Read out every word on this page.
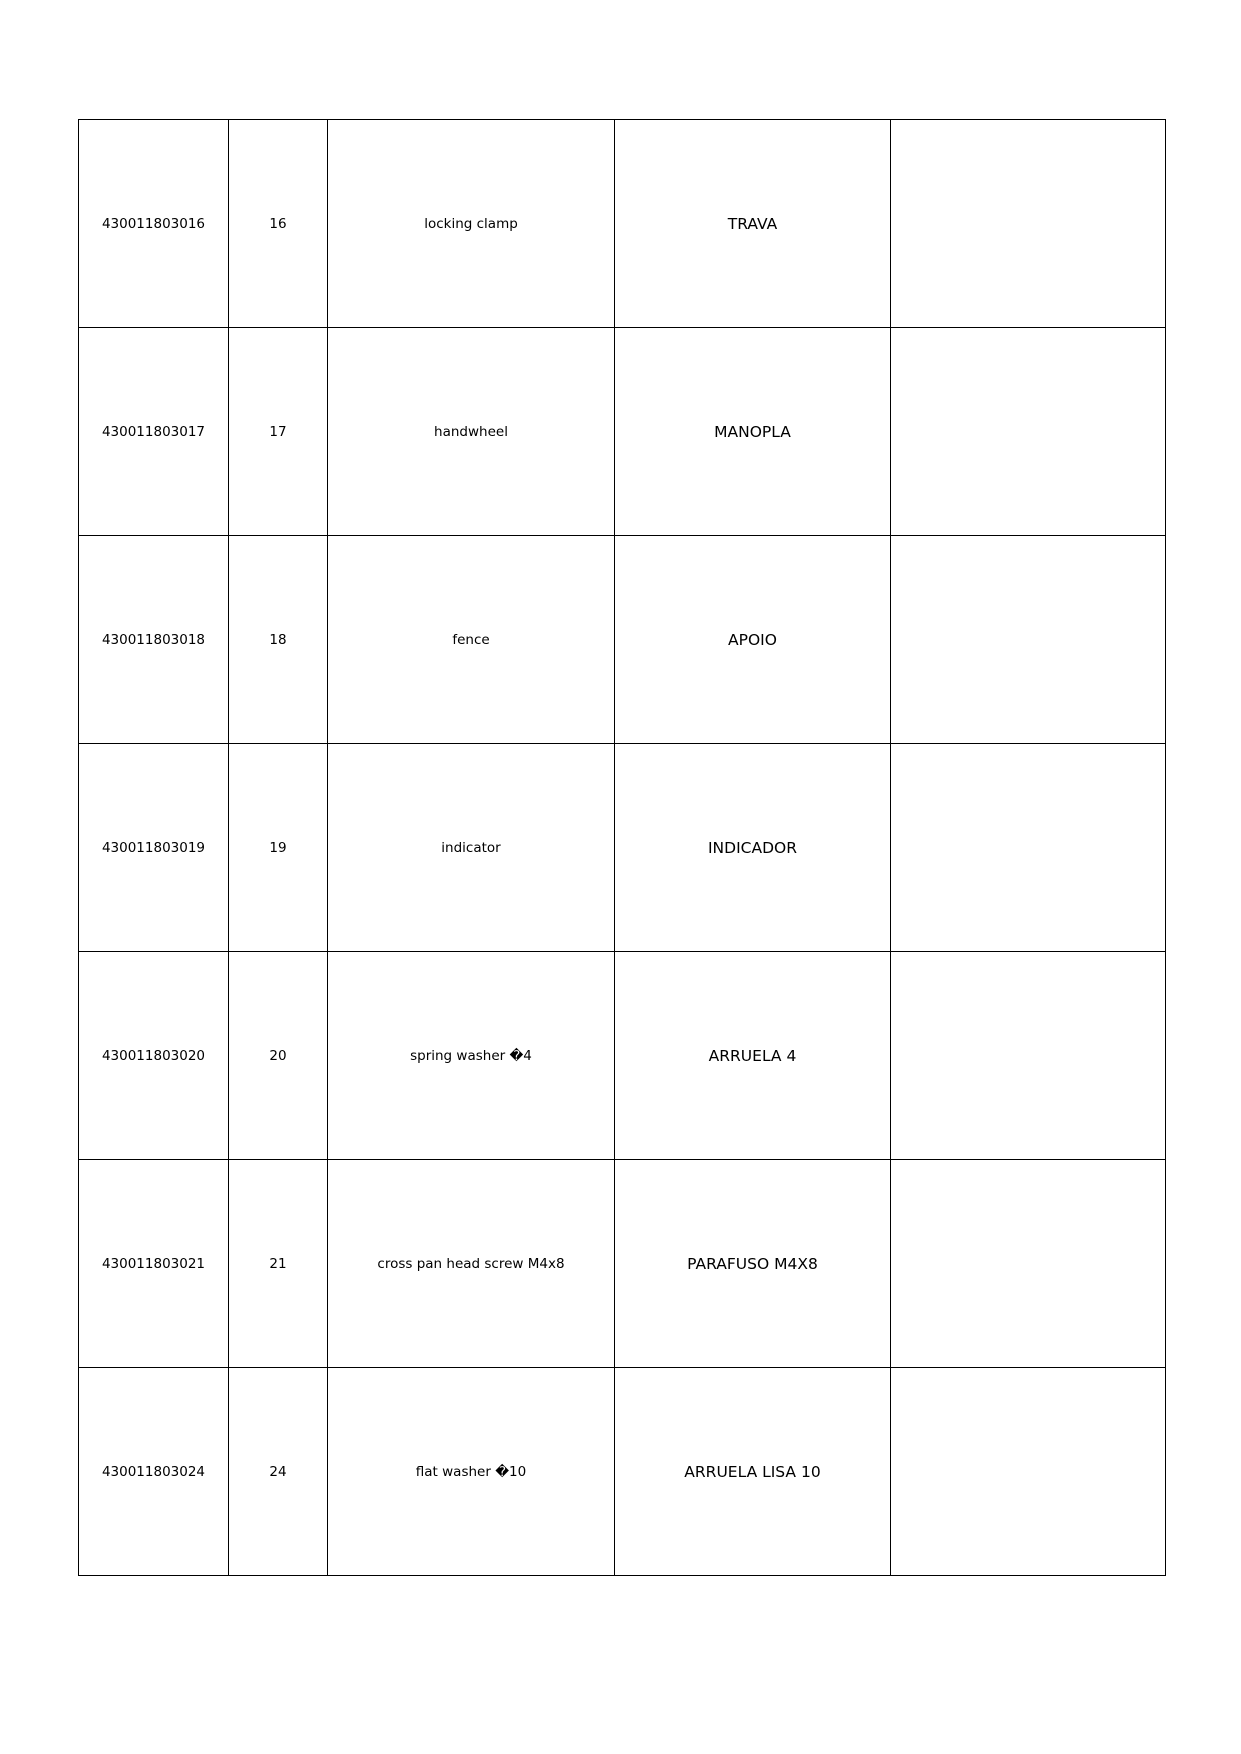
430011803016	16	locking clamp	TRAVA	
430011803017	17	handwheel	MANOPLA	
430011803018	18	fence	APOIO	
430011803019	19	indicator	INDICADOR	
430011803020	20	spring washer �4	ARRUELA 4	
430011803021	21	cross pan head screw M4x8	PARAFUSO M4X8	
430011803024	24	flat washer �10	ARRUELA LISA 10	
